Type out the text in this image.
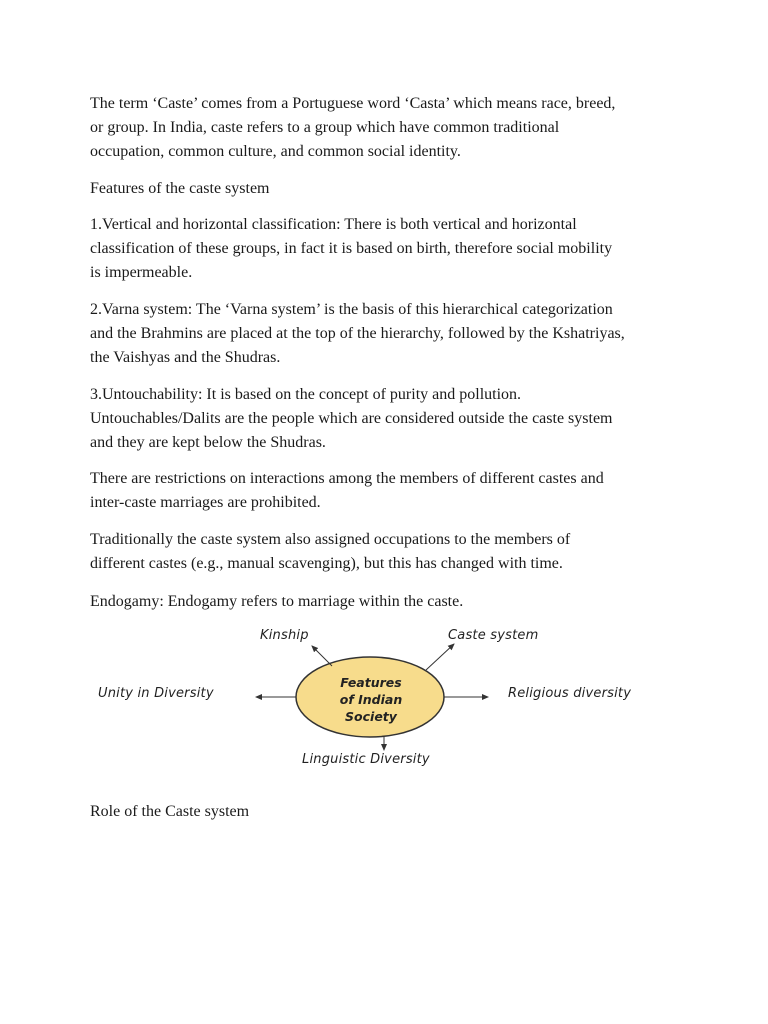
The term ‘Caste’ comes from a Portuguese word ‘Casta’ which means race, breed,
or group. In India, caste refers to a group which have common traditional
occupation, common culture, and common social identity.

Features of the caste system

1.Vertical and horizontal classification: There is both vertical and horizontal
classification of these groups, in fact it is based on birth, therefore social mobility
is impermeable.

2.Varna system: The ‘Varna system’ is the basis of this hierarchical categorization
and the Brahmins are placed at the top of the hierarchy, followed by the Kshatriyas,
the Vaishyas and the Shudras.

3.Untouchability: It is based on the concept of purity and pollution.
Untouchables/Dalits are the people which are considered outside the caste system
and they are kept below the Shudras.

There are restrictions on interactions among the members of different castes and
inter-caste marriages are prohibited.

Traditionally the caste system also assigned occupations to the members of
different castes (e.g., manual scavenging), but this has changed with time.

Endogamy: Endogamy refers to marriage within the caste.

Features
of Indian
Society
Kinship	Caste system
Unity in Diversity	Religious diversity
Linguistic Diversity

Role of the Caste system
